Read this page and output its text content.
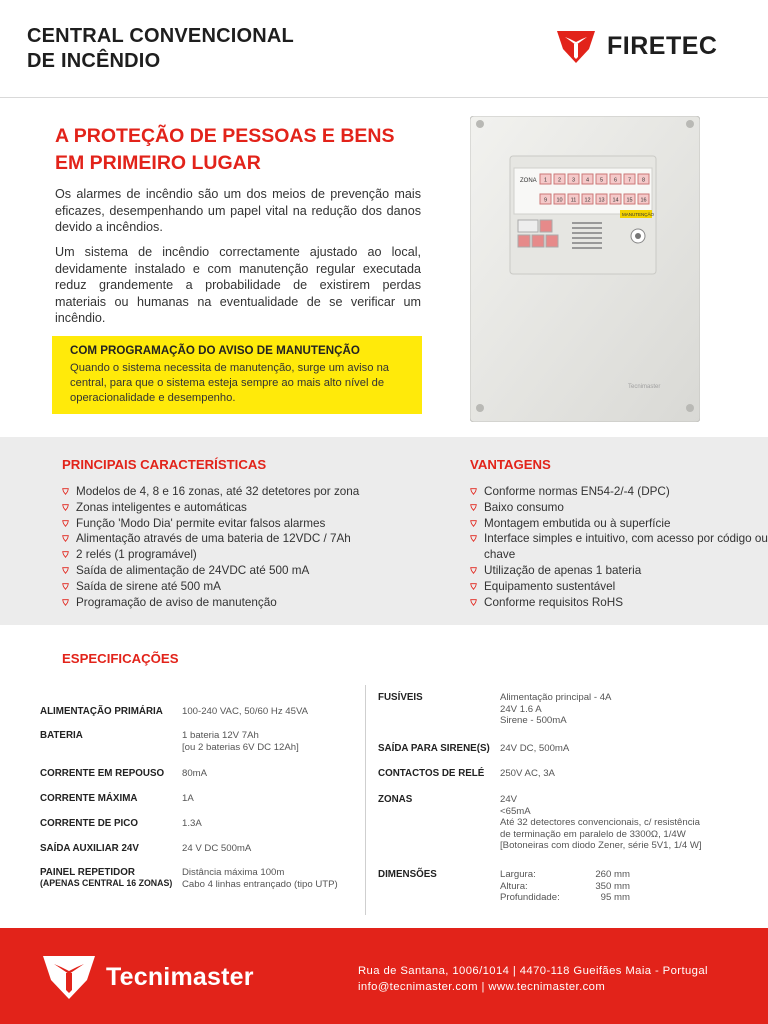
CENTRAL CONVENCIONAL
DE INCÊNDIO
FIRETEC
A PROTEÇÃO DE PESSOAS E BENS
EM PRIMEIRO LUGAR

Os alarmes de incêndio são um dos meios de prevenção mais eficazes, desempenhando um papel vital na redução dos danos devido a incêndios.

Um sistema de incêndio correctamente ajustado ao local, devidamente instalado e com manutenção regular executada reduz grandemente a probabilidade de existirem perdas materiais ou humanas na eventualidade de se verificar um incêndio.

COM PROGRAMAÇÃO DO AVISO DE MANUTENÇÃO
Quando o sistema necessita de manutenção, surge um aviso na central, para que o sistema esteja sempre ao mais alto nível de operacionalidade e desempenho.
ZONA 1 2 3 4 5 6 7 8
9 10 11 12 13 14 15 16
MANUTENÇÃO
Tecnimaster
PRINCIPAIS CARACTERÍSTICAS
Modelos de 4, 8 e 16 zonas, até 32 detetores por zona
Zonas inteligentes e automáticas
Função 'Modo Dia' permite evitar falsos alarmes
Alimentação através de uma bateria de 12VDC / 7Ah
2 relés (1 programável)
Saída de alimentação de 24VDC até 500 mA
Saída de sirene até 500 mA
Programação de aviso de manutenção
VANTAGENS
Conforme normas EN54-2/-4 (DPC)
Baixo consumo
Montagem embutida ou à superfície
Interface simples e intuitivo, com acesso por código ou chave
Utilização de apenas 1 bateria
Equipamento sustentável
Conforme requisitos RoHS
ESPECIFICAÇÕES
ALIMENTAÇÃO PRIMÁRIA 100-240 VAC, 50/60 Hz 45VA
BATERIA	1 bateria 12V 7Ah
[ou 2 baterias 6V DC 12Ah]
CORRENTE EM REPOUSO 80mA
CORRENTE MÁXIMA	1A
CORRENTE DE PICO	1.3A
SAÍDA AUXILIAR 24V	24 V DC 500mA
PAINEL REPETIDOR
(APENAS CENTRAL 16 ZONAS)
Distância máxima 100m
Cabo 4 linhas entrançado (tipo UTP)
FUSÍVEIS	Alimentação principal - 4A
24V 1.6 A
Sirene - 500mA
SAÍDA PARA SIRENE(S) 24V DC, 500mA
CONTACTOS DE RELÉ 250V AC, 3A
ZONAS	24V
<65mA
Até 32 detectores convencionais, c/ resistência
de terminação em paralelo de 3300Ω, 1/4W
[Botoneiras com diodo Zener, série 5V1, 1/4 W]
DIMENSÕES	Largura:	260 mm
Altura:	350 mm
Profundidade:	95 mm
Tecnimaster	Rua de Santana, 1006/1014 | 4470-118 Gueifães Maia - Portugal
info@tecnimaster.com | www.tecnimaster.com
